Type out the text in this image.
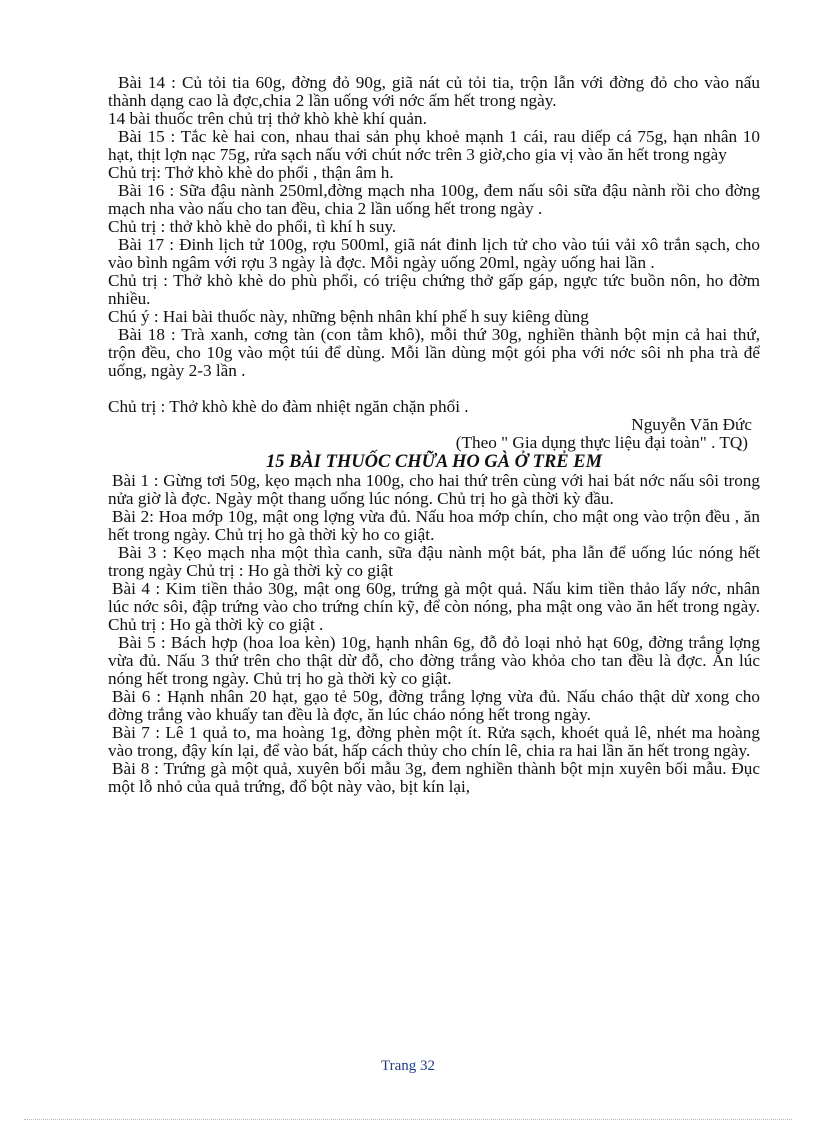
Bài 14 : Củ tỏi tia 60g, đờng đỏ 90g, giã nát củ tỏi tia, trộn lẫn với đờng đỏ cho vào nấu thành dạng cao là đợc,chia 2 lần uống với nớc ấm hết trong ngày.

14 bài thuốc trên chủ trị thở khò khè khí quản.

Bài 15 : Tắc kè hai con, nhau thai sản phụ khoẻ mạnh 1 cái, rau diếp cá 75g, hạn nhân 10 hạt, thịt lợn nạc 75g, rửa sạch nấu với chút nớc trên 3 giờ,cho gia vị vào ăn hết trong ngày

Chủ trị: Thở khò khè do phổi , thận âm h.

Bài 16 : Sữa đậu nành 250ml,đờng mạch nha 100g, đem nấu sôi sữa đậu nành rồi cho đờng mạch nha vào nấu cho tan đều, chia 2 lần uống hết trong ngày .

Chủ trị : thở khò khè do phổi, tì khí h suy.

Bài 17 : Đinh lịch tử 100g, rợu 500ml, giã nát đinh lịch tử cho vào túi vải xô trắn sạch, cho vào bình ngâm với rợu 3 ngày là đợc. Mỗi ngày uống 20ml, ngày uống hai lần .

Chủ trị : Thở khò khè do phù phổi, có triệu chứng thở gấp gáp, ngực tức buồn nôn, ho đờm nhiều.

Chú ý : Hai bài thuốc này, những bệnh nhân khí phế h suy kiêng dùng

Bài 18 : Trà xanh, cơng tàn (con tằm khô), mỗi thứ 30g, nghiền thành bột mịn cả hai thứ, trộn đều, cho 10g vào một túi để dùng. Mỗi lần dùng một gói pha với nớc sôi nh pha trà để uống, ngày 2-3 lần .

Chủ trị : Thở khò khè do đàm nhiệt ngăn chặn phổi .

Nguyễn Văn Đức

(Theo " Gia dụng thực liệu đại toàn" . TQ)

15 BÀI THUỐC CHỮA HO GÀ Ở TRẺ EM

Bài 1 : Gừng tơi 50g, kẹo mạch nha 100g, cho hai thứ trên cùng với hai bát nớc nấu sôi trong nửa giờ là đợc. Ngày một thang uống lúc nóng. Chủ trị ho gà thời kỳ đầu.

Bài 2: Hoa mớp 10g, mật ong lợng vừa đủ. Nấu hoa mớp chín, cho mật ong vào trộn đều , ăn hết trong ngày. Chủ trị ho gà thời kỳ ho co giật.

Bài 3 : Kẹo mạch nha một thìa canh, sữa đậu nành một bát, pha lẫn để uống lúc nóng hết trong ngày Chủ trị : Ho gà thời kỳ co giật

Bài 4 : Kim tiền thảo 30g, mật ong 60g, trứng gà một quả. Nấu kim tiền thảo lấy nớc, nhân lúc nớc sôi, đập trứng vào cho trứng chín kỹ, để còn nóng, pha mật ong vào ăn hết trong ngày. Chủ trị : Ho gà thời kỳ co giật .

Bài 5 : Bách hợp (hoa loa kèn) 10g, hạnh nhân 6g, đỗ đỏ loại nhỏ hạt 60g, đờng trắng lợng vừa đủ. Nấu 3 thứ trên cho thật dừ đỗ, cho đờng trắng vào khỏa cho tan đều là đợc. Ăn lúc nóng hết trong ngày. Chủ trị ho gà thời kỳ co giật.

Bài 6 : Hạnh nhân 20 hạt, gạo tẻ 50g, đờng trắng lợng vừa đủ. Nấu cháo thật dừ xong cho đờng trắng vào khuấy tan đều là đợc, ăn lúc cháo nóng hết trong ngày.

Bài 7 : Lê 1 quả to, ma hoàng 1g, đờng phèn một ít. Rửa sạch, khoét quả lê, nhét ma hoàng vào trong, đậy kín lại, để vào bát, hấp cách thủy cho chín lê, chia ra hai lần ăn hết trong ngày.

Bài 8 : Trứng gà một quả, xuyên bối mẫu 3g, đem nghiền thành bột mịn xuyên bối mẫu. Đục một lỗ nhỏ của quả trứng, đổ bột này vào, bịt kín lại,

Trang 32
